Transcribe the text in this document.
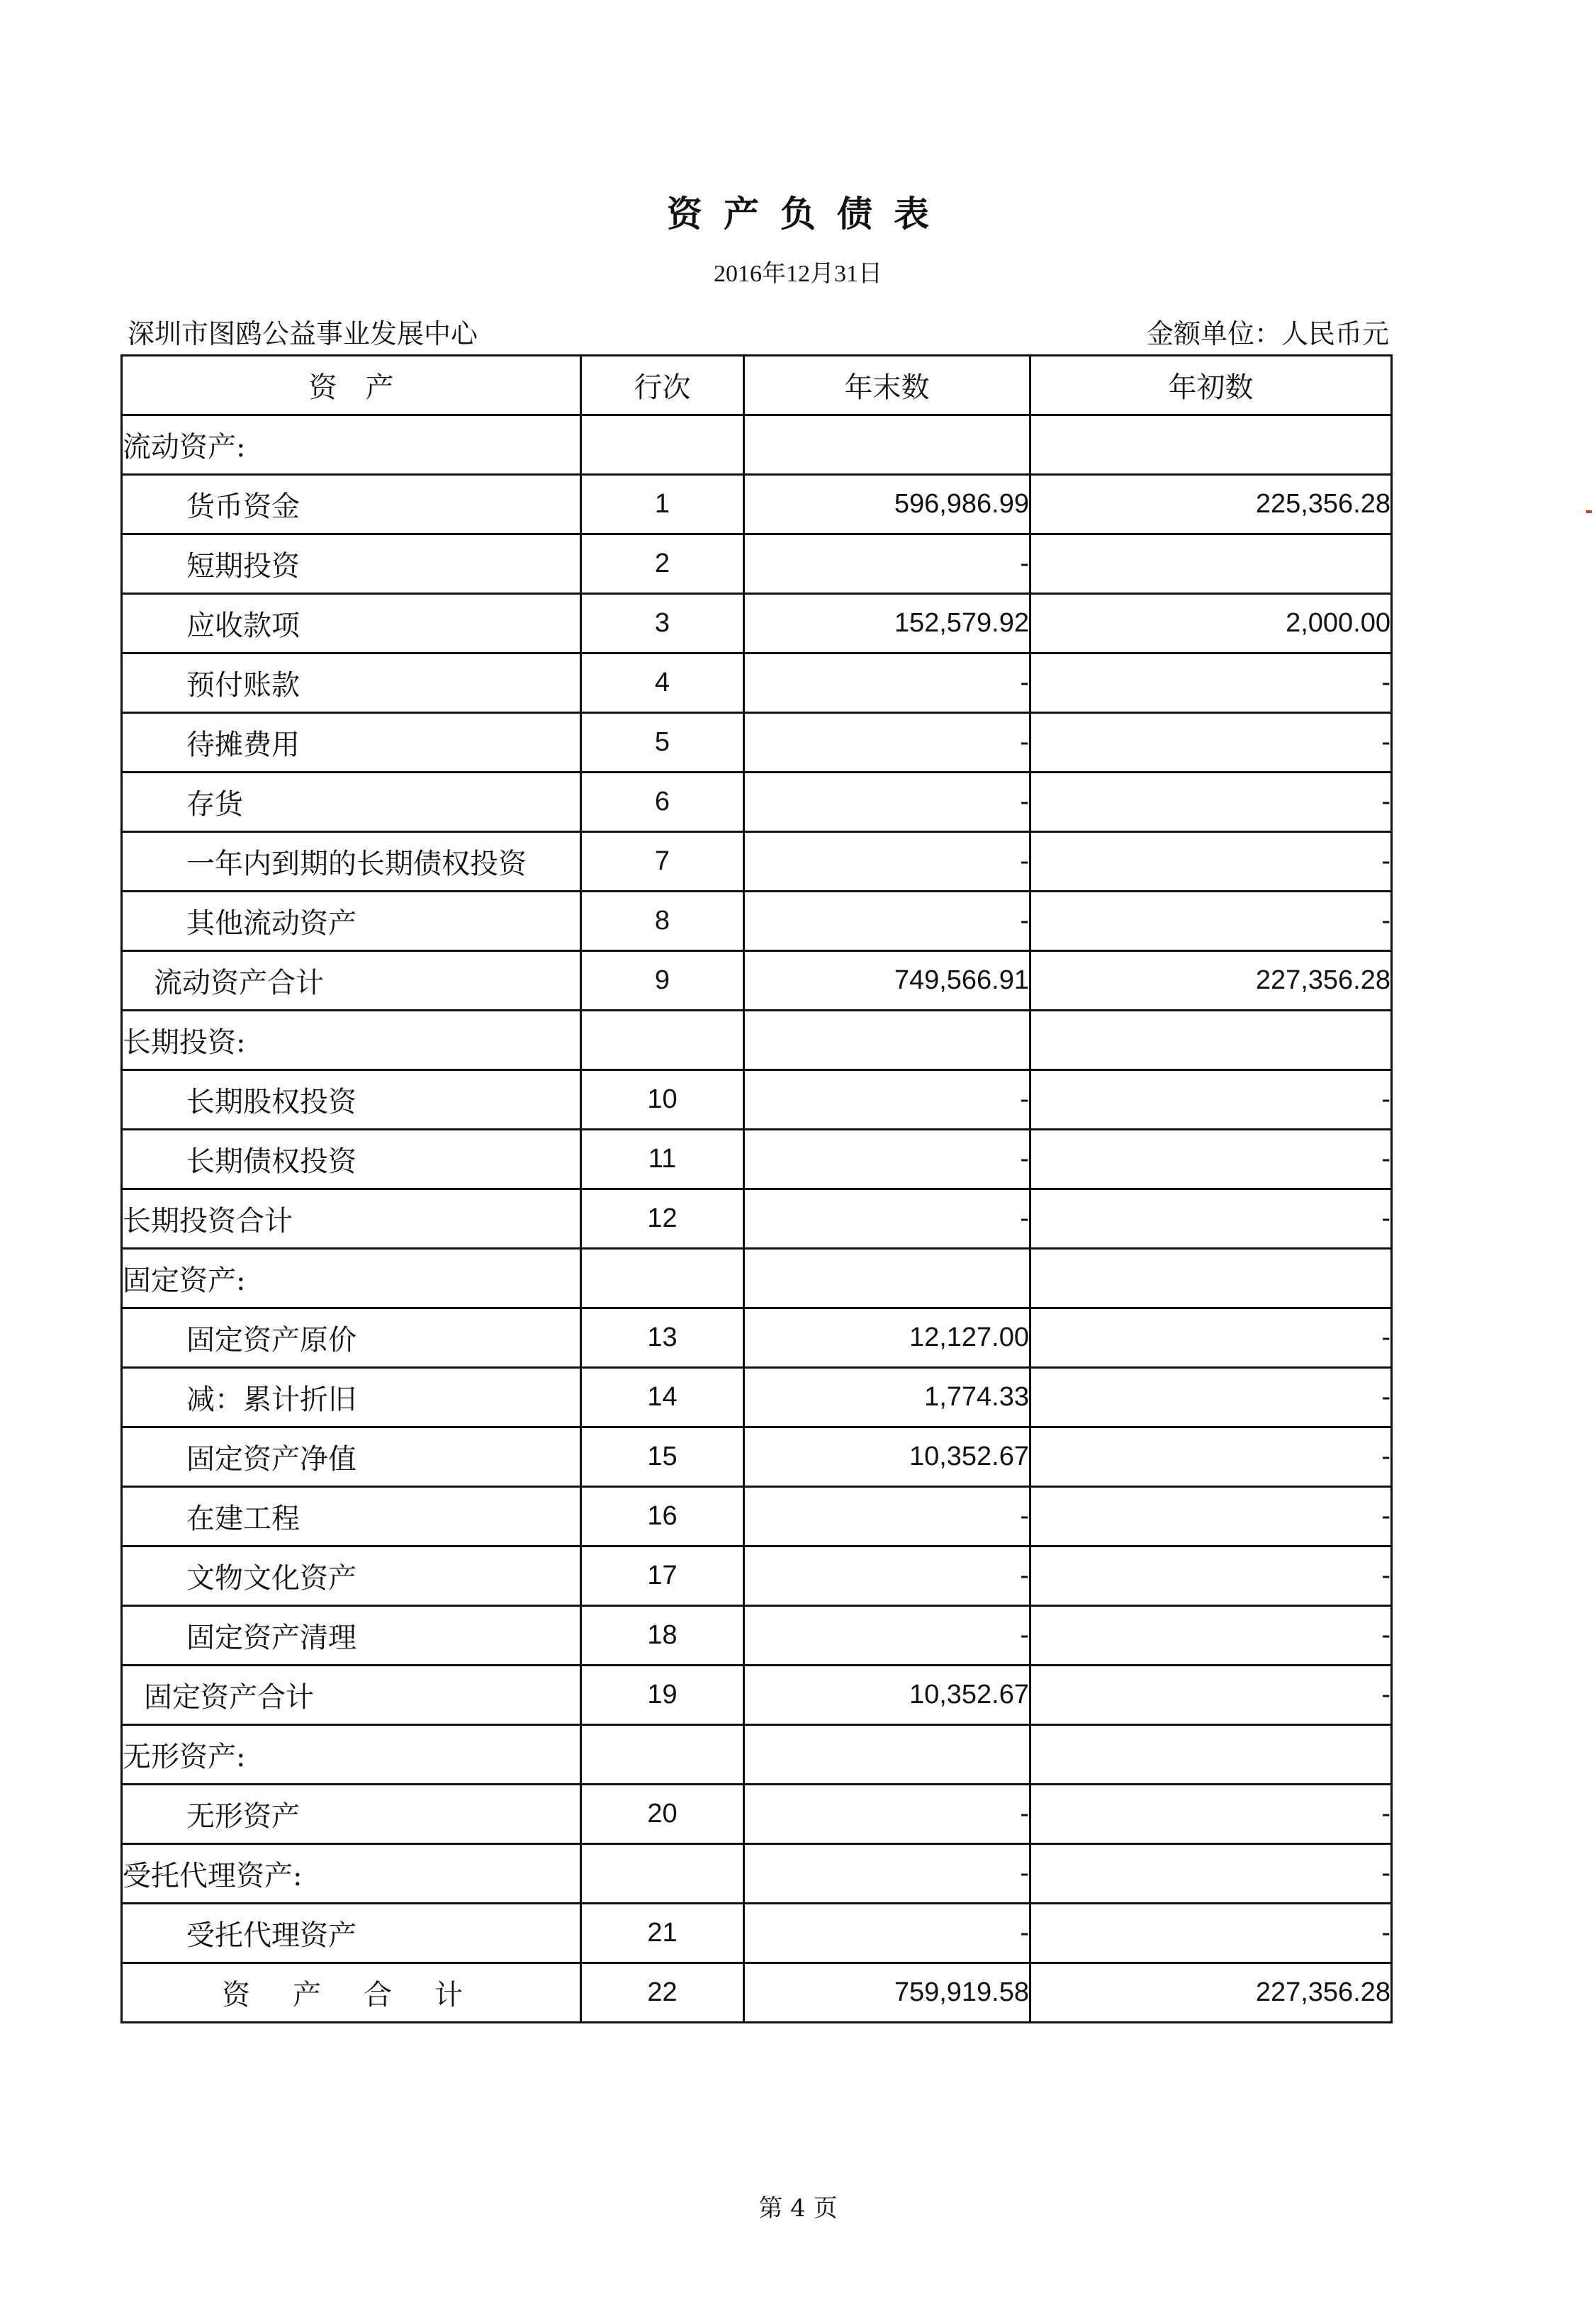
资产负债表
2016年12月31日
深圳市图鸥公益事业发展中心	金额单位：人民币元
资　产	行次	年末数	年初数
流动资产:			
货币资金	1	596,986.99	225,356.28
短期投资	2	-	
应收款项	3	152,579.92	2,000.00
预付账款	4	-	-
待摊费用	5	-	-
存货	6	-	-
一年内到期的长期债权投资	7	-	-
其他流动资产	8	-	-
流动资产合计	9	749,566.91	227,356.28
长期投资:			
长期股权投资	10	-	-
长期债权投资	11	-	-
长期投资合计	12	-	-
固定资产:			
固定资产原价	13	12,127.00	-
减：累计折旧	14	1,774.33	-
固定资产净值	15	10,352.67	-
在建工程	16	-	-
文物文化资产	17	-	-
固定资产清理	18	-	-
固定资产合计	19	10,352.67	-
无形资产:			
无形资产	20	-	-
受托代理资产:		-	-
受托代理资产	21	-	-
资产合计	22	759,919.58	227,356.28
第 4 页
